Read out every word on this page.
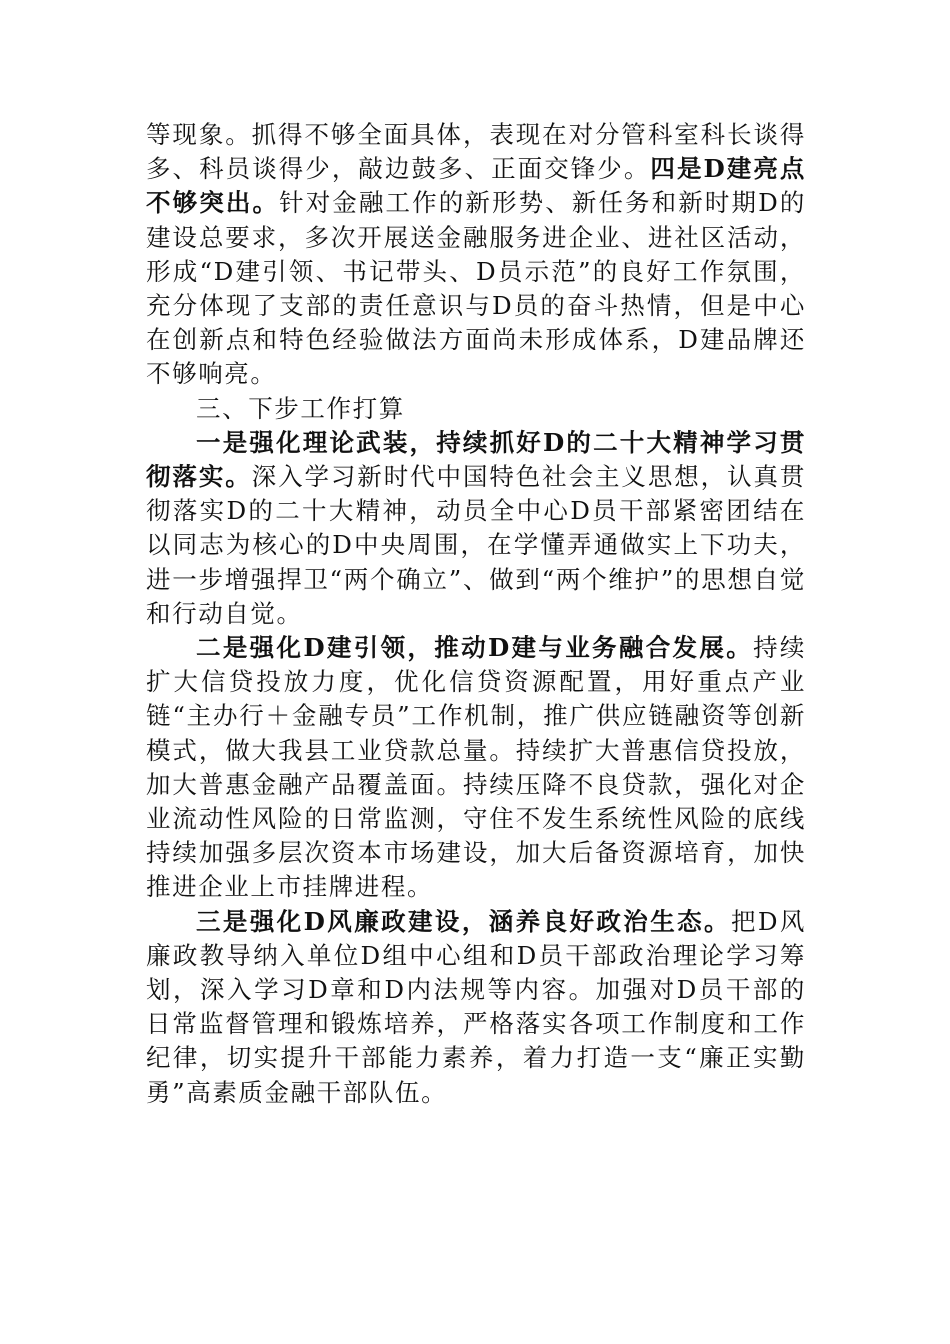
等现象。抓得不够全面具体，表现在对分管科室科长谈得多、科员谈得少，敲边鼓多、正面交锋少。四是D建亮点不够突出。针对金融工作的新形势、新任务和新时期D的建设总要求，多次开展送金融服务进企业、进社区活动，形成“D建引领、书记带头、D员示范”的良好工作氛围，充分体现了支部的责任意识与D员的奋斗热情，但是中心在创新点和特色经验做法方面尚未形成体系，D建品牌还不够响亮。

三、下步工作打算

一是强化理论武装，持续抓好D的二十大精神学习贯彻落实。深入学习新时代中国特色社会主义思想，认真贯彻落实D的二十大精神，动员全中心D员干部紧密团结在以同志为核心的D中央周围，在学懂弄通做实上下功夫，进一步增强捍卫“两个确立”、做到“两个维护”的思想自觉和行动自觉。

二是强化D建引领，推动D建与业务融合发展。持续扩大信贷投放力度，优化信贷资源配置，用好重点产业链“主办行＋金融专员”工作机制，推广供应链融资等创新模式，做大我县工业贷款总量。持续扩大普惠信贷投放，加大普惠金融产品覆盖面。持续压降不良贷款，强化对企业流动性风险的日常监测，守住不发生系统性风险的底线持续加强多层次资本市场建设，加大后备资源培育，加快推进企业上市挂牌进程。

三是强化D风廉政建设，涵养良好政治生态。把D风廉政教导纳入单位D组中心组和D员干部政治理论学习筹划，深入学习D章和D内法规等内容。加强对D员干部的日常监督管理和锻炼培养，严格落实各项工作制度和工作纪律，切实提升干部能力素养，着力打造一支“廉正实勤勇”高素质金融干部队伍。
